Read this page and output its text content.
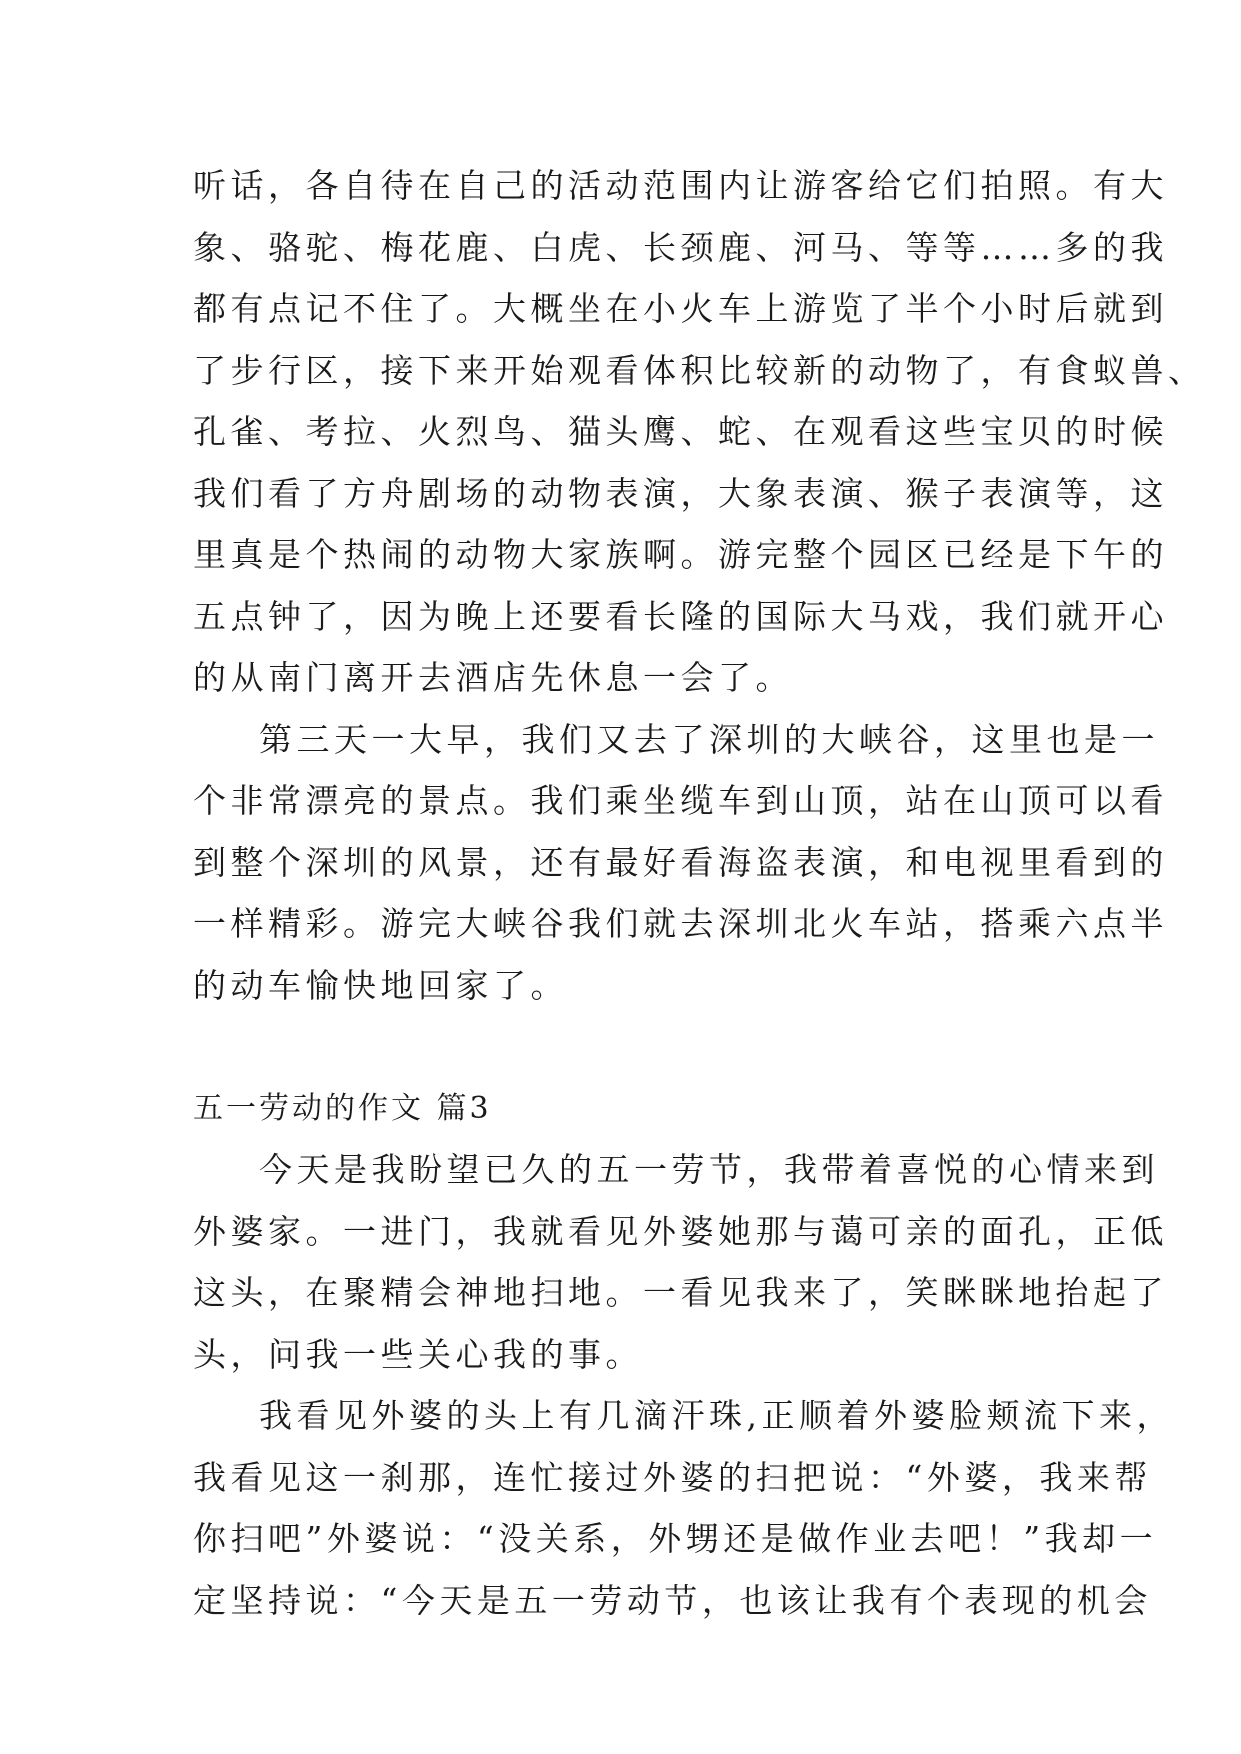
听话，各自待在自己的活动范围内让游客给它们拍照。有大
象、骆驼、梅花鹿、白虎、长颈鹿、河马、等等……多的我
都有点记不住了。大概坐在小火车上游览了半个小时后就到
了步行区，接下来开始观看体积比较新的动物了，有食蚁兽、
孔雀、考拉、火烈鸟、猫头鹰、蛇、在观看这些宝贝的时候
我们看了方舟剧场的动物表演，大象表演、猴子表演等，这
里真是个热闹的动物大家族啊。游完整个园区已经是下午的
五点钟了，因为晚上还要看长隆的国际大马戏，我们就开心
的从南门离开去酒店先休息一会了。
第三天一大早，我们又去了深圳的大峡谷，这里也是一
个非常漂亮的景点。我们乘坐缆车到山顶，站在山顶可以看
到整个深圳的风景，还有最好看海盗表演，和电视里看到的
一样精彩。游完大峡谷我们就去深圳北火车站，搭乘六点半
的动车愉快地回家了。
五一劳动的作文 篇3
今天是我盼望已久的五一劳节，我带着喜悦的心情来到
外婆家。一进门，我就看见外婆她那与蔼可亲的面孔，正低
这头，在聚精会神地扫地。一看见我来了，笑眯眯地抬起了
头，问我一些关心我的事。
我看见外婆的头上有几滴汗珠,正顺着外婆脸颊流下来，
我看见这一刹那，连忙接过外婆的扫把说：“外婆，我来帮
你扫吧”外婆说：“没关系，外甥还是做作业去吧！”我却一
定坚持说：“今天是五一劳动节，也该让我有个表现的机会
